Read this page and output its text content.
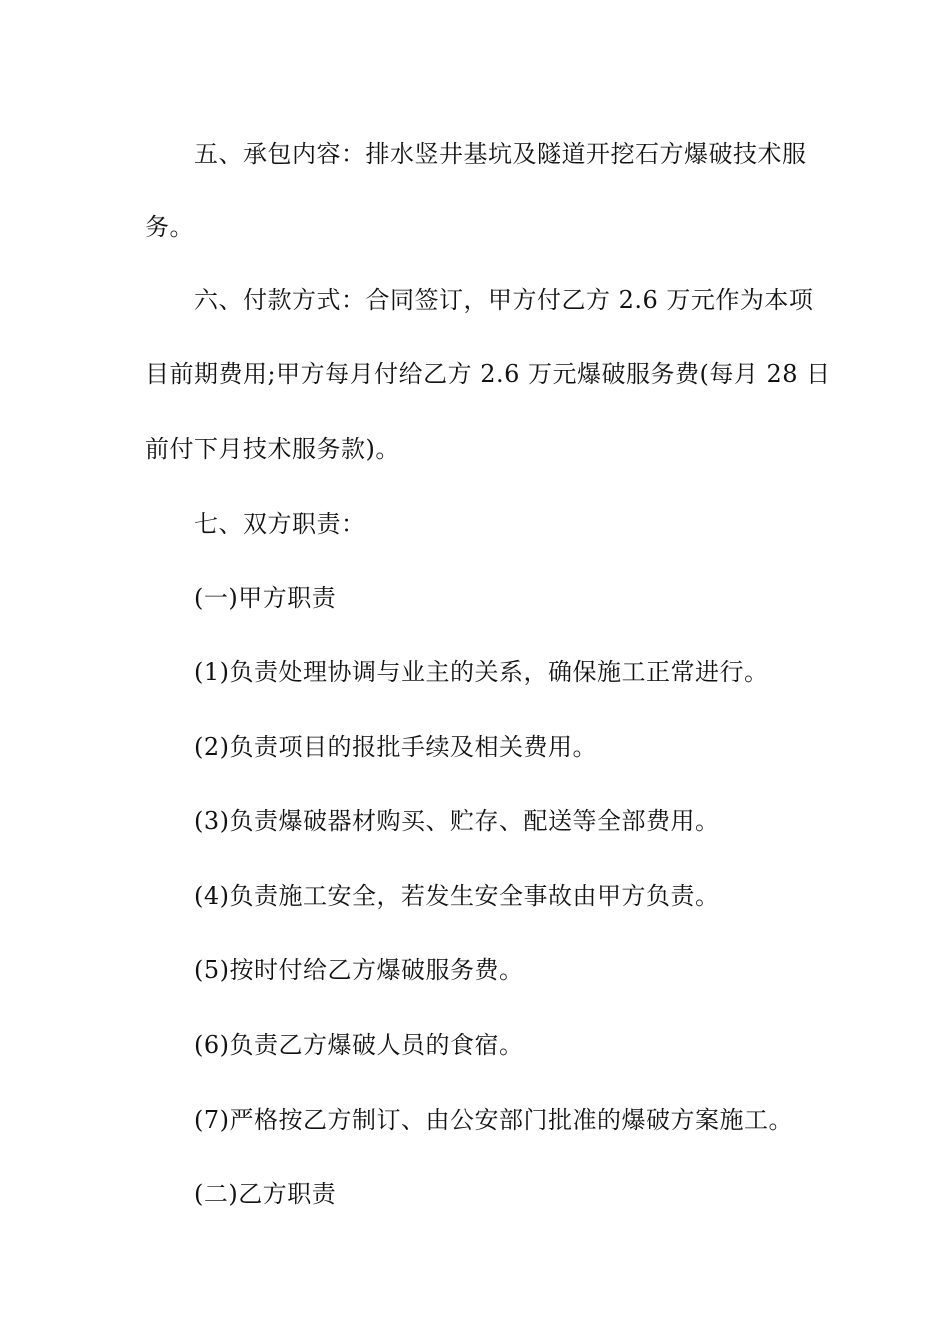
五、承包内容：排水竖井基坑及隧道开挖石方爆破技术服
务。
六、付款方式：合同签订，甲方付乙方 2.6 万元作为本项
目前期费用;甲方每月付给乙方 2.6 万元爆破服务费(每月 28 日
前付下月技术服务款)。
七、双方职责：
(一)甲方职责
(1)负责处理协调与业主的关系，确保施工正常进行。
(2)负责项目的报批手续及相关费用。
(3)负责爆破器材购买、贮存、配送等全部费用。
(4)负责施工安全，若发生安全事故由甲方负责。
(5)按时付给乙方爆破服务费。
(6)负责乙方爆破人员的食宿。
(7)严格按乙方制订、由公安部门批准的爆破方案施工。
(二)乙方职责
